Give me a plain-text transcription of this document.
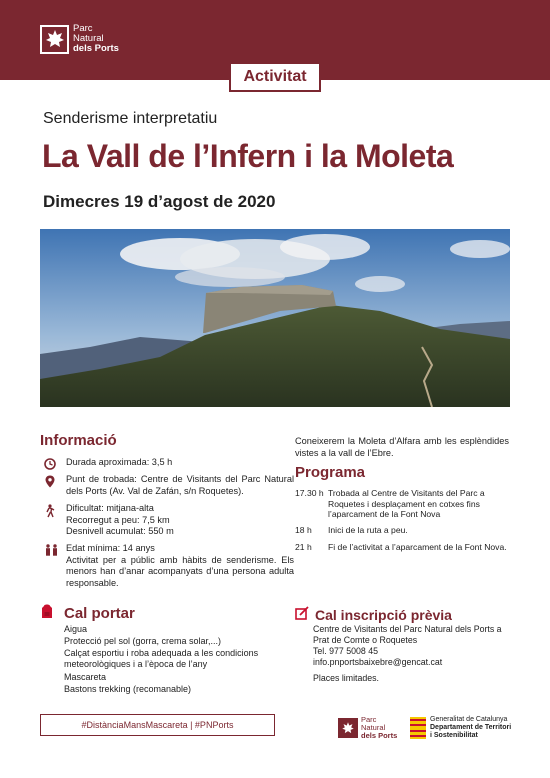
Parc
Natural
dels Ports
Activitat
Senderisme interpretatiu
La Vall de l’Infern i la Moleta
Dimecres 19 d’agost de 2020
Informació
Durada aproximada: 3,5 h
Punt de trobada: Centre de Visitants del Parc Natural dels Ports (Av. Val de Zafán, s/n Roquetes).
Dificultat: mitjana-alta
Recorregut a peu: 7,5 km
Desnivell acumulat: 550 m
Edat mínima: 14 anys
Activitat per a públic amb hàbits de senderisme. Els menors han d’anar acompanyats d’una persona adulta responsable.
Cal portar
Aigua
Protecció pel sol (gorra, crema solar,...)
Calçat esportiu i roba adequada a les condicions meteorològiques i a l’època de l’any
Mascareta
Bastons trekking (recomanable)
#DistànciaMansMascareta | #PNPorts
Coneixerem la Moleta d’Alfara amb les esplèndides vistes a la vall de l’Ebre.
Programa
17.30 h Trobada al Centre de Visitants del Parc a Roquetes i desplaçament en cotxes fins l’aparcament de la Font Nova
18 h	Inici de la ruta a peu.
21 h	Fi de l’activitat a l’aparcament de la Font Nova.
Cal inscripció prèvia
Centre de Visitants del Parc Natural dels Ports a Prat de Comte o Roquetes
Tel. 977 5008 45
info.pnportsbaixebre@gencat.cat
Places limitades.
Parc
Natural
dels Ports
Generalitat de Catalunya
Departament de Territori
i Sostenibilitat
